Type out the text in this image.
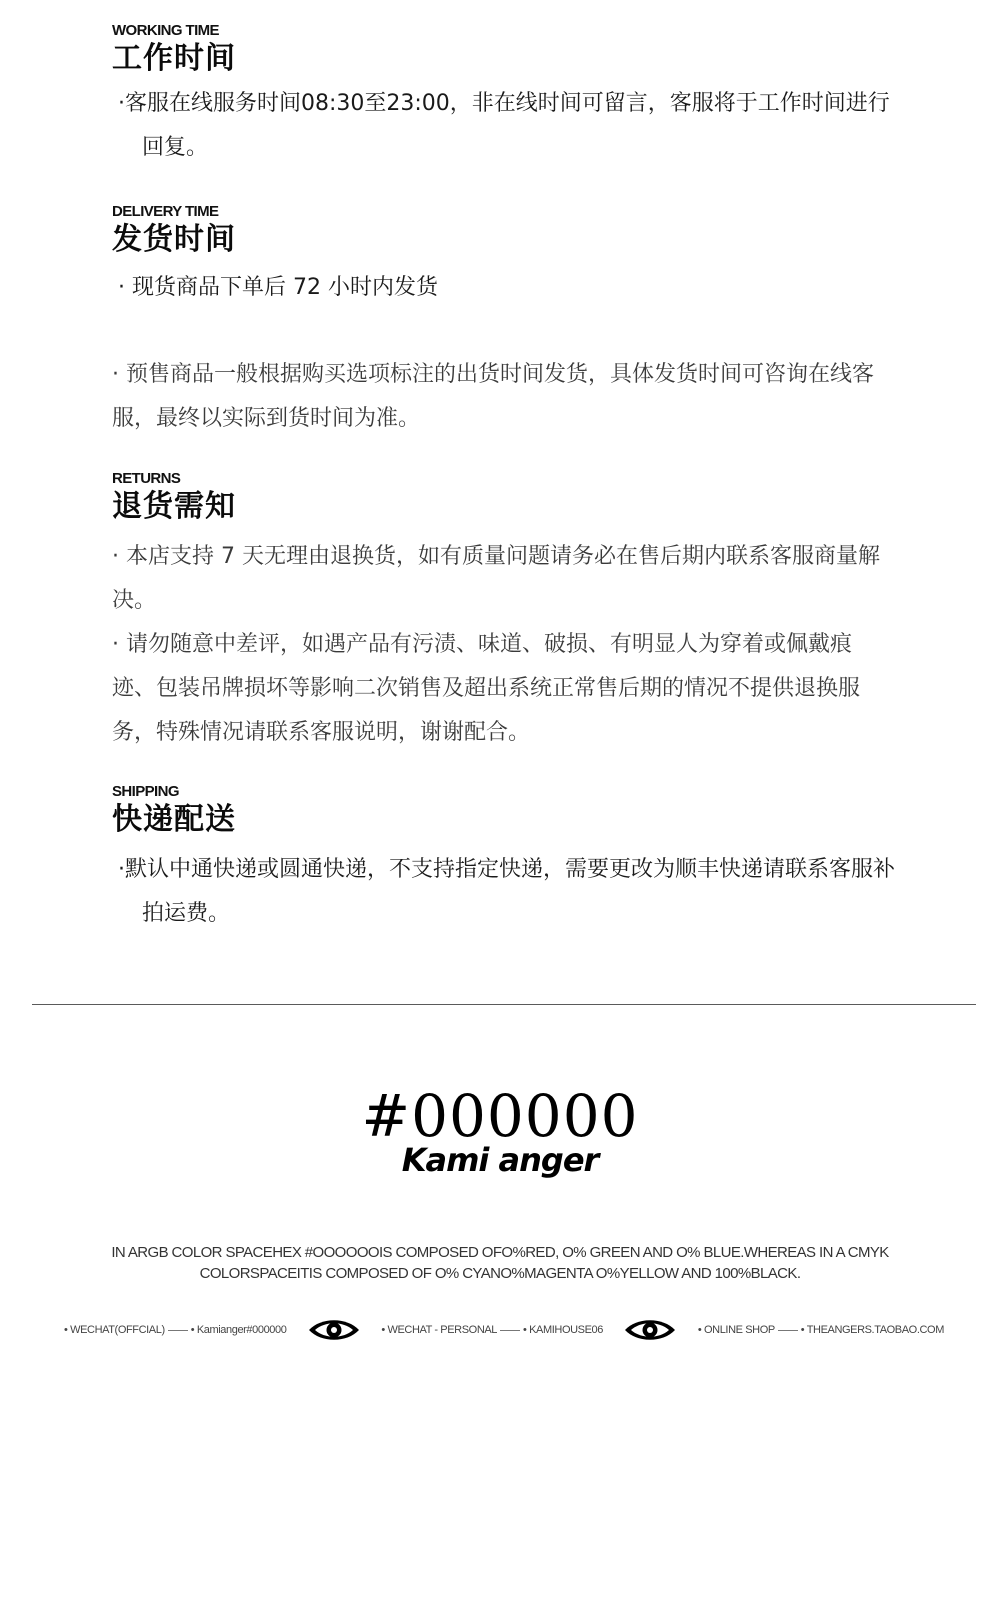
WORKING TIME
工作时间
·客服在线服务时间08:30至23:00，非在线时间可留言，客服将于工作时间进行回复。
DELIVERY TIME
发货时间
· 现货商品下单后 72 小时内发货
· 预售商品一般根据购买选项标注的出货时间发货，具体发货时间可咨询在线客服，最终以实际到货时间为准。
RETURNS
退货需知
· 本店支持 7 天无理由退换货，如有质量问题请务必在售后期内联系客服商量解决。
· 请勿随意中差评，如遇产品有污渍、味道、破损、有明显人为穿着或佩戴痕迹、包装吊牌损坏等影响二次销售及超出系统正常售后期的情况不提供退换服务，特殊情况请联系客服说明，谢谢配合。
SHIPPING
快递配送
·默认中通快递或圆通快递，不支持指定快递，需要更改为顺丰快递请联系客服补拍运费。
#000000
Kami anger
IN ARGB COLOR SPACEHEX #OOOOOOIS COMPOSED OFO%RED, O% GREEN AND O% BLUE.WHEREAS IN A CMYK
COLORSPACEITIS COMPOSED OF O% CYANO%MAGENTA O%YELLOW AND 100%BLACK.
• WECHAT(OFFCIAL) • Kamianger#000000	• WECHAT - PERSONAL • KAMIHOUSE06	• ONLINE SHOP • THEANGERS.TAOBAO.COM
